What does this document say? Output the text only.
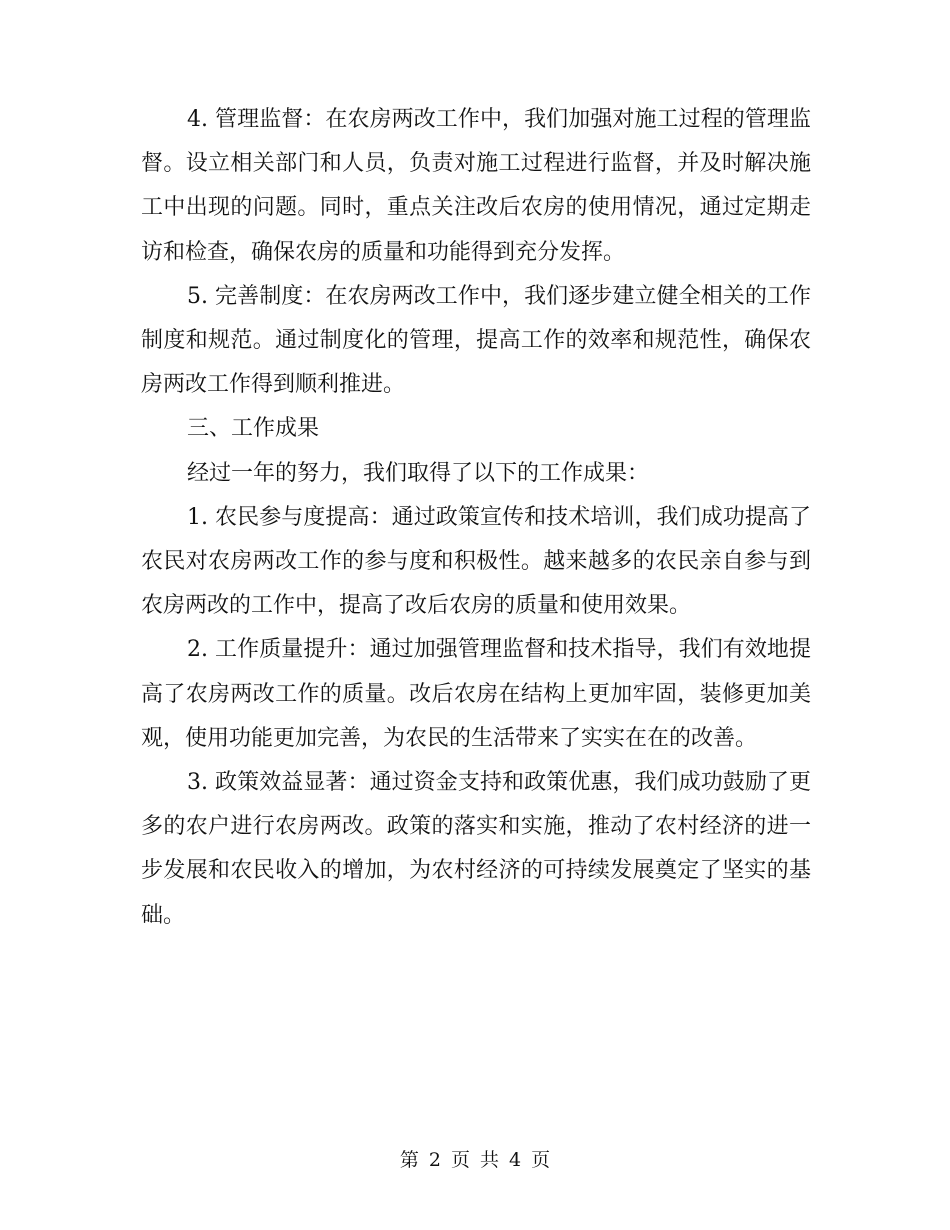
4. 管理监督：在农房两改工作中，我们加强对施工过程的管理监督。设立相关部门和人员，负责对施工过程进行监督，并及时解决施工中出现的问题。同时，重点关注改后农房的使用情况，通过定期走访和检查，确保农房的质量和功能得到充分发挥。

5. 完善制度：在农房两改工作中，我们逐步建立健全相关的工作制度和规范。通过制度化的管理，提高工作的效率和规范性，确保农房两改工作得到顺利推进。

三、工作成果

经过一年的努力，我们取得了以下的工作成果：

1. 农民参与度提高：通过政策宣传和技术培训，我们成功提高了农民对农房两改工作的参与度和积极性。越来越多的农民亲自参与到农房两改的工作中，提高了改后农房的质量和使用效果。

2. 工作质量提升：通过加强管理监督和技术指导，我们有效地提高了农房两改工作的质量。改后农房在结构上更加牢固，装修更加美观，使用功能更加完善，为农民的生活带来了实实在在的改善。

3. 政策效益显著：通过资金支持和政策优惠，我们成功鼓励了更多的农户进行农房两改。政策的落实和实施，推动了农村经济的进一步发展和农民收入的增加，为农村经济的可持续发展奠定了坚实的基础。

第 2 页 共 4 页
